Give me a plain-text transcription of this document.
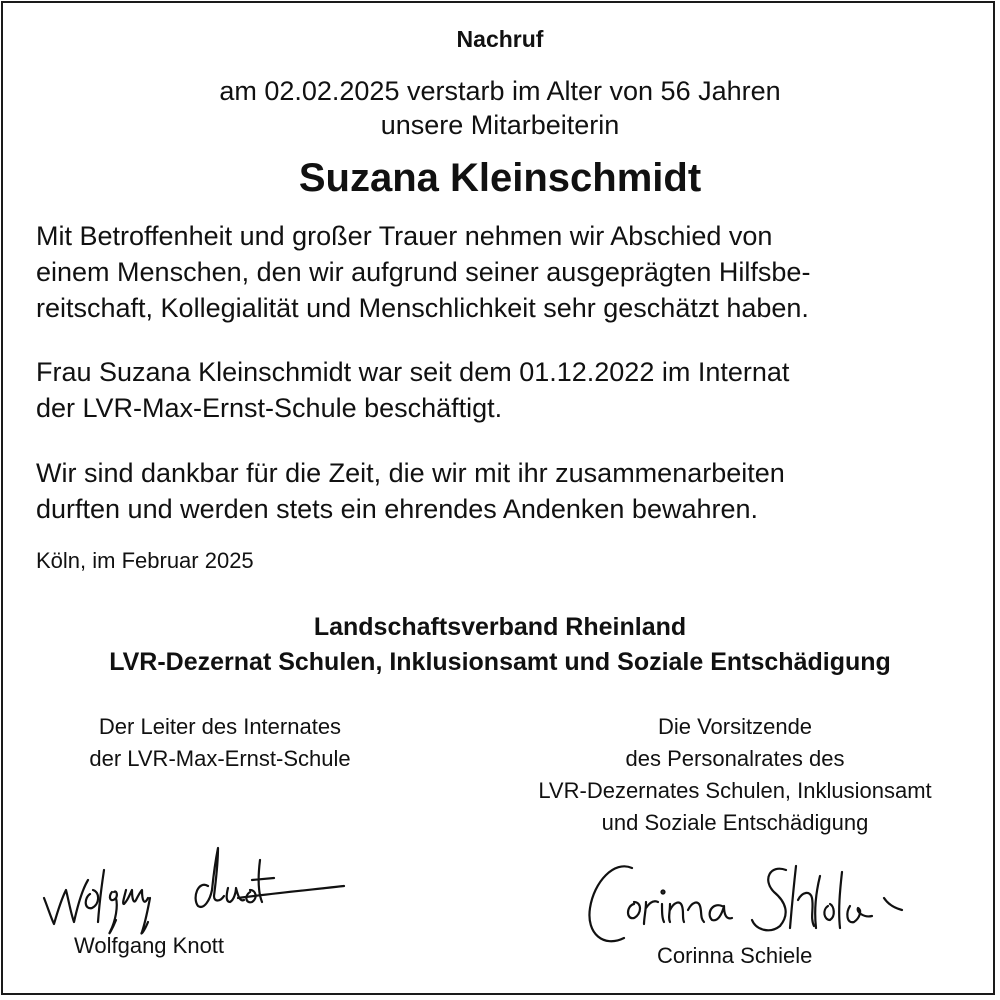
Nachruf
am 02.02.2025 verstarb im Alter von 56 Jahren
unsere Mitarbeiterin
Suzana Kleinschmidt
Mit Betroffenheit und großer Trauer nehmen wir Abschied von
einem Menschen, den wir aufgrund seiner ausgeprägten Hilfsbe-
reitschaft, Kollegialität und Menschlichkeit sehr geschätzt haben.
Frau Suzana Kleinschmidt war seit dem 01.12.2022 im Internat
der LVR-Max-Ernst-Schule beschäftigt.
Wir sind dankbar für die Zeit, die wir mit ihr zusammenarbeiten
durften und werden stets ein ehrendes Andenken bewahren.
Köln, im Februar 2025
Landschaftsverband Rheinland
LVR-Dezernat Schulen, Inklusionsamt und Soziale Entschädigung
Der Leiter des Internates
der LVR-Max-Ernst-Schule
Die Vorsitzende
des Personalrates des
LVR-Dezernates Schulen, Inklusionsamt
und Soziale Entschädigung
Wolfgang Knott	Corinna Schiele
